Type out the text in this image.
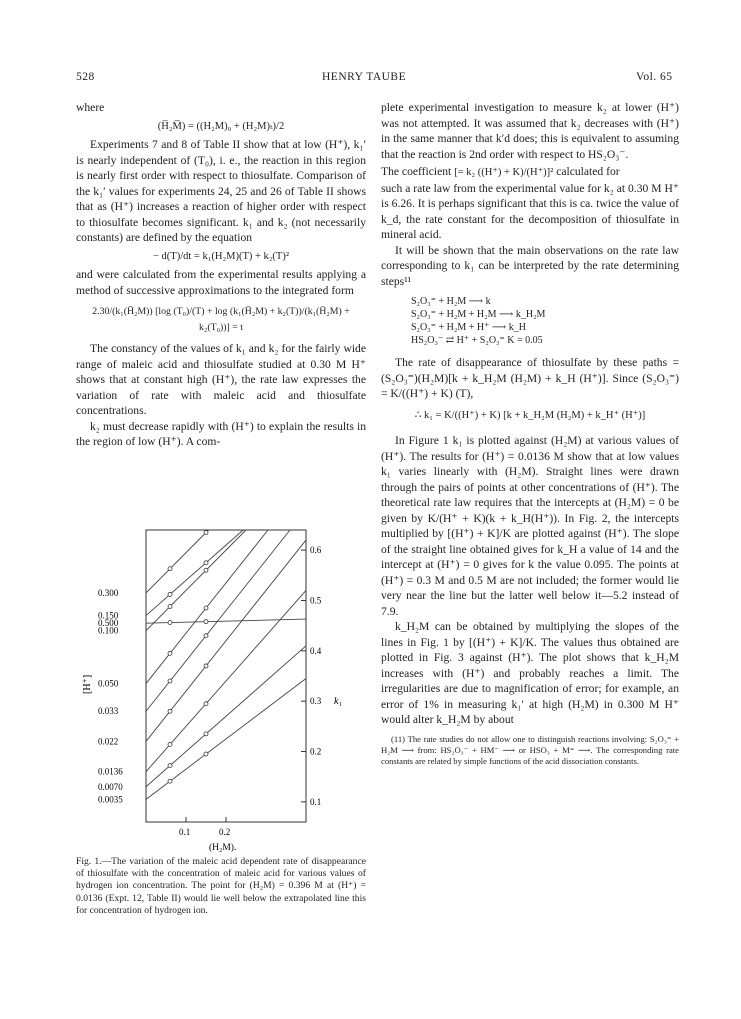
528	HENRY TAUBE	Vol. 65

where

(H̅₂M̅) = ((H₂M)₀ + (H₂M)ₜ)/2

Experiments 7 and 8 of Table II show that at low (H⁺), k₁′ is nearly independent of (T₀), i. e., the reaction in this region is nearly first order with respect to thiosulfate. Comparison of the k₁′ values for experiments 24, 25 and 26 of Table II shows that as (H⁺) increases a reaction of higher order with respect to thiosulfate becomes significant. k₁ and k₂ (not necessarily constants) are defined by the equation

− d(T)/dt = k₁(H₂M)(T) + k₂(T)²

and were calculated from the experimental results applying a method of successive approximations to the integrated form

2.30/(k₁(H̄₂M)) [log (T₀)/(T) + log (k₁(H̄₂M) + k₂(T))/(k₁(H̄₂M) + k₂(T₀))] = t

The constancy of the values of k₁ and k₂ for the fairly wide range of maleic acid and thiosulfate studied at 0.30 M H⁺ shows that at constant high (H⁺), the rate law expresses the variation of rate with maleic acid and thiosulfate concentrations.

k₂ must decrease rapidly with (H⁺) to explain the results in the region of low (H⁺). A com-

0.1
0.2
0.3
0.4
0.5
0.6
0.1	0.2
0.300
0.150
0.500
0.100
0.050
0.033
0.022
0.0136
0.0070
0.0035
[H⁺]
k₁
(H₂M).
Fig. 1.—The variation of the maleic acid dependent rate of disappearance of thiosulfate with the concentration of maleic acid for various values of hydrogen ion concentration. The point for (H₂M) = 0.396 M at (H⁺) = 0.0136 (Expt. 12, Table II) would lie well below the extrapolated line this for concentration of hydrogen ion.

plete experimental investigation to measure k₂ at lower (H⁺) was not attempted. It was assumed that k₂ decreases with (H⁺) in the same manner that k′d does; this is equivalent to assuming that the reaction is 2nd order with respect to HS₂O₃⁻.

The coefficient [= k₂ ((H⁺) + K)/(H⁺)]² calculated for

such a rate law from the experimental value for k₂ at 0.30 M H⁺ is 6.26. It is perhaps significant that this is ca. twice the value of k_d, the rate constant for the decomposition of thiosulfate in mineral acid.

It will be shown that the main observations on the rate law corresponding to k₁ can be interpreted by the rate determining steps¹¹

S₂O₃⁼ + H₂M ⟶ k
S₂O₃⁼ + H₂M + H₂M ⟶ k_H₂M
S₂O₃⁼ + H₂M + H⁺ ⟶ k_H
HS₂O₃⁻ ⇄ H⁺ + S₂O₃⁼ K = 0.05

The rate of disappearance of thiosulfate by these paths = (S₂O₃⁼)(H₂M)[k + k_H₂M (H₂M) + k_H (H⁺)]. Since (S₂O₃⁼) = K/((H⁺) + K) (T),

∴ k₁ = K/((H⁺) + K) [k + k_H₂M (H₂M) + k_H⁺ (H⁺)]

In Figure 1 k₁ is plotted against (H₂M) at various values of (H⁺). The results for (H⁺) = 0.0136 M show that at low values k₁ varies linearly with (H₂M). Straight lines were drawn through the pairs of points at other concentrations of (H⁺). The theoretical rate law requires that the intercepts at (H₂M) = 0 be given by K/(H⁺ + K)(k + k_H(H⁺)). In Fig. 2, the intercepts multiplied by [(H⁺) + K]/K are plotted against (H⁺). The slope of the straight line obtained gives for k_H a value of 14 and the intercept at (H⁺) = 0 gives for k the value 0.095. The points at (H⁺) = 0.3 M and 0.5 M are not included; the former would lie very near the line but the latter well below it—5.2 instead of 7.9.

k_H₂M can be obtained by multiplying the slopes of the lines in Fig. 1 by [(H⁺) + K]/K. The values thus obtained are plotted in Fig. 3 against (H⁺). The plot shows that k_H₂M increases with (H⁺) and probably reaches a limit. The irregularities are due to magnification of error; for example, an error of 1% in measuring k₁′ at high (H₂M) in 0.300 M H⁺ would alter k_H₂M by about

(11) The rate studies do not allow one to distinguish reactions involving: S₂O₃⁼ + H₂M ⟶ from: HS₂O₃⁻ + HM⁻ ⟶ or HSO₃ + M⁼ ⟶. The corresponding rate constants are related by simple functions of the acid dissociation constants.
